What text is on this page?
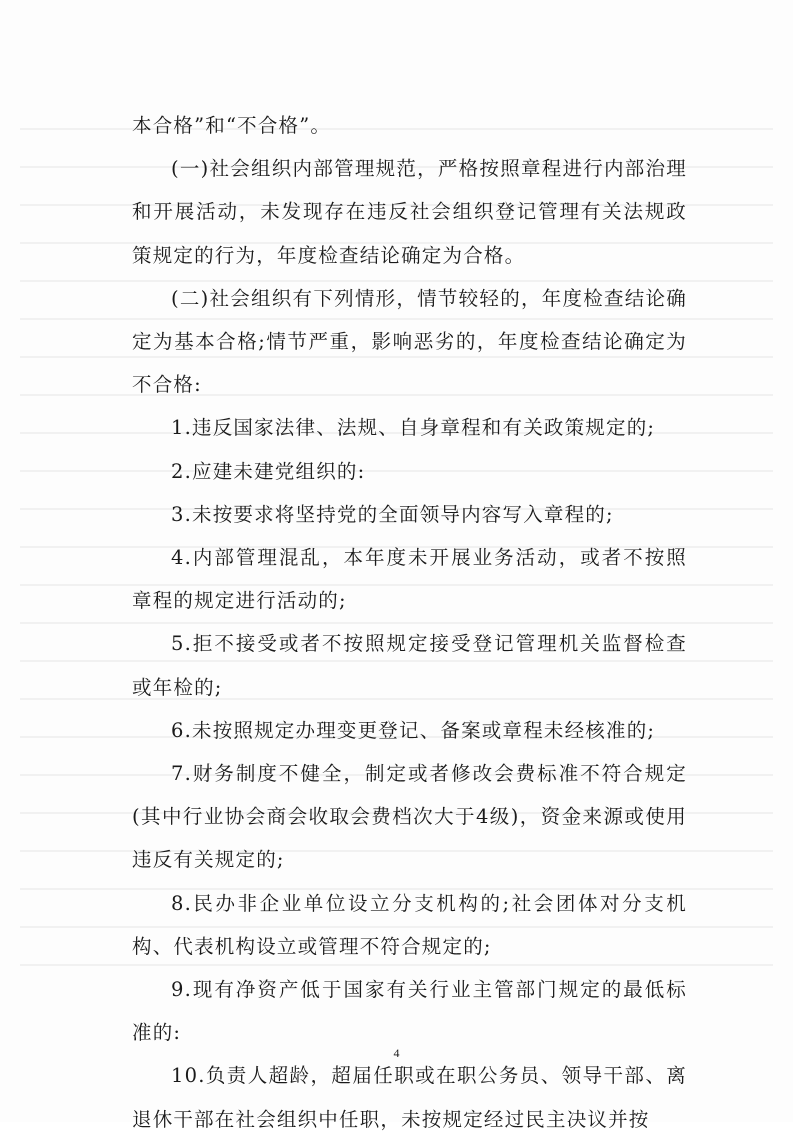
本合格”和“不合格”。

(一)社会组织内部管理规范，严格按照章程进行内部治理和开展活动，未发现存在违反社会组织登记管理有关法规政策规定的行为，年度检查结论确定为合格。

(二)社会组织有下列情形，情节较轻的，年度检查结论确定为基本合格;情节严重，影响恶劣的，年度检查结论确定为不合格:

1.违反国家法律、法规、自身章程和有关政策规定的;

2.应建未建党组织的:

3.未按要求将坚持党的全面领导内容写入章程的;

4.内部管理混乱，本年度未开展业务活动，或者不按照章程的规定进行活动的;

5.拒不接受或者不按照规定接受登记管理机关监督检查或年检的;

6.未按照规定办理变更登记、备案或章程未经核准的;

7.财务制度不健全，制定或者修改会费标准不符合规定(其中行业协会商会收取会费档次大于4级)，资金来源或使用违反有关规定的;

8.民办非企业单位设立分支机构的;社会团体对分支机构、代表机构设立或管理不符合规定的;

9.现有净资产低于国家有关行业主管部门规定的最低标准的:

10.负责人超龄，超届任职或在职公务员、领导干部、离退休干部在社会组织中任职，未按规定经过民主决议并按

4
